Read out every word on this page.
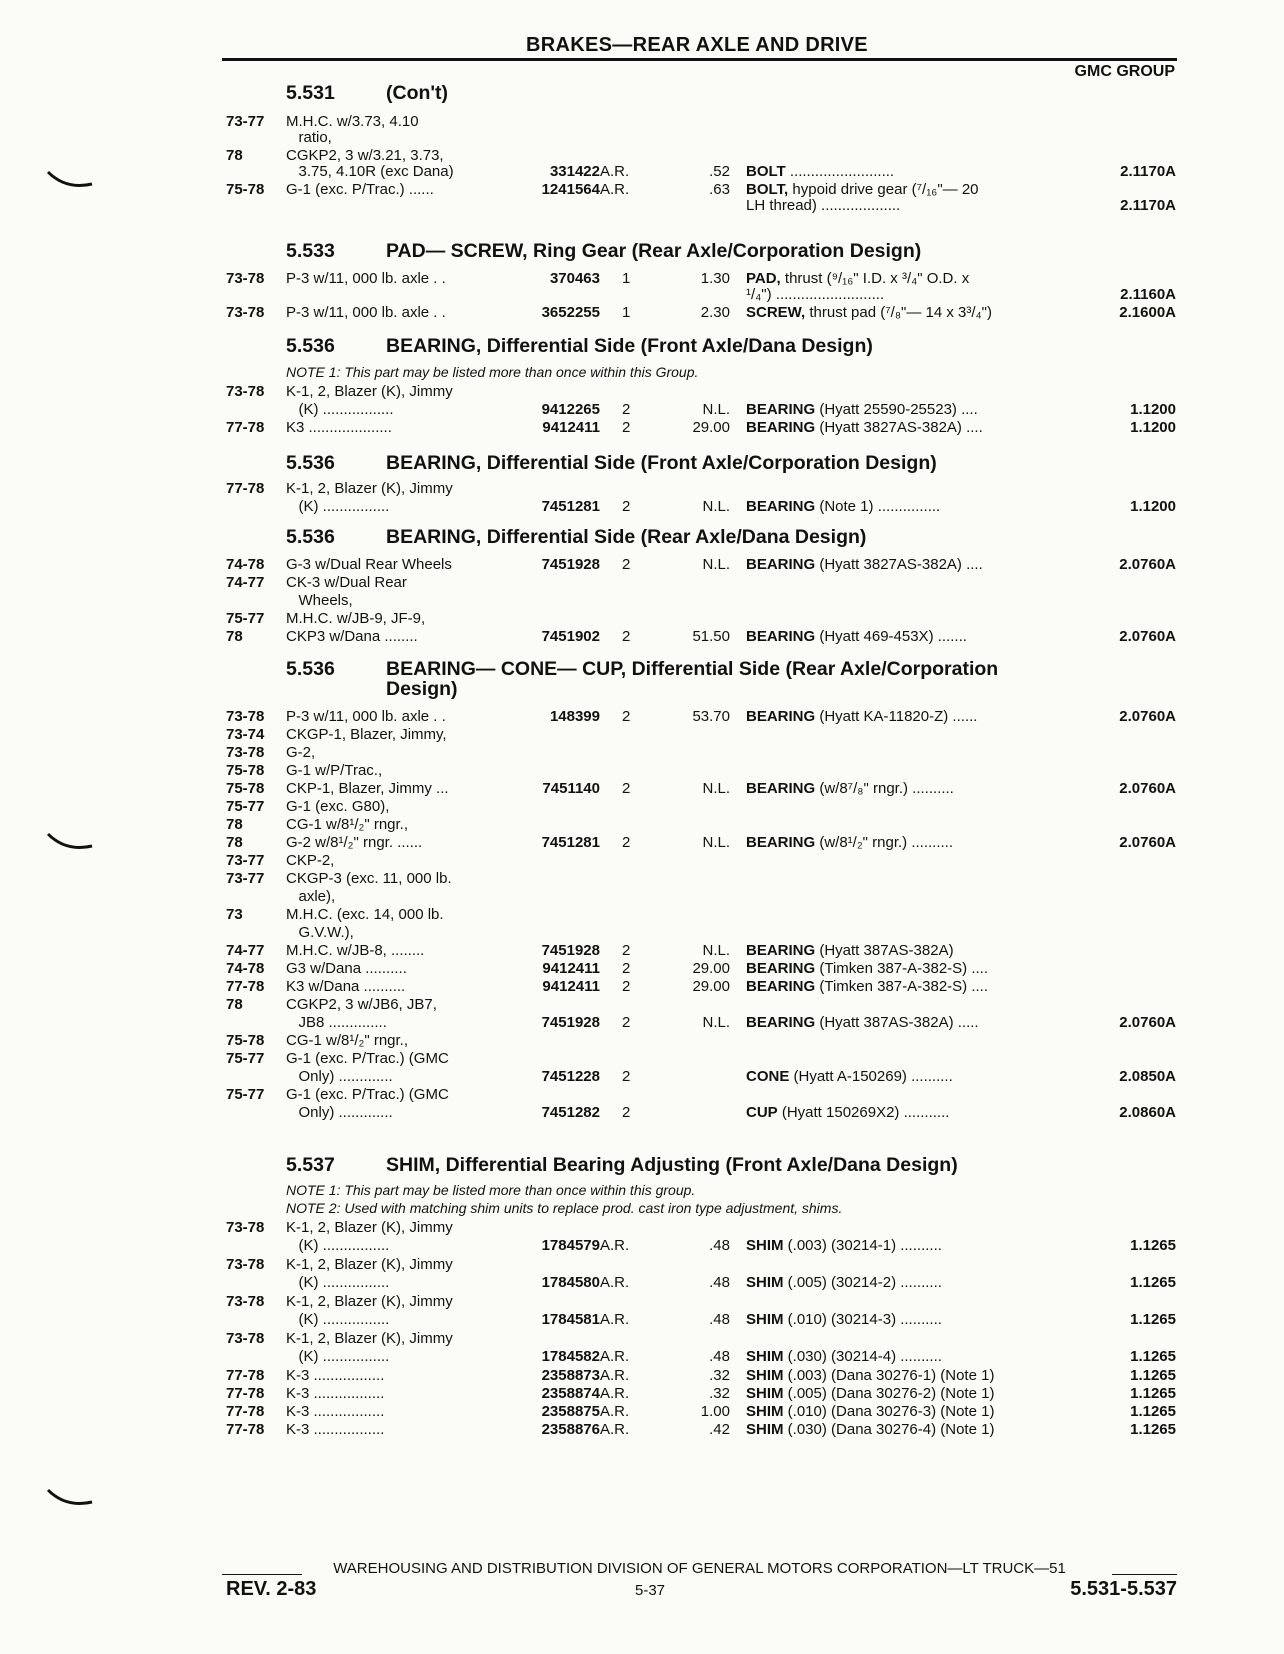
BRAKES—REAR AXLE AND DRIVE
GMC GROUP
5.531	(Con't)
73-77 M.H.C. w/3.73, 4.10
ratio,
78	CGKP2, 3 w/3.21, 3.73,
3.75, 4.10R (exc Dana)	331422 A.R.	.52 BOLT .........................	2.1170A
75-78 G-1 (exc. P/Trac.) ......	1241564 A.R.	.63 BOLT, hypoid drive gear (⁷/₁₆"— 20
LH thread) ...................	2.1170A
5.533	PAD— SCREW, Ring Gear (Rear Axle/Corporation Design)
73-78 P-3 w/11, 000 lb. axle . .	370463 1	1.30 PAD, thrust (⁹/₁₆" I.D. x ³/₄" O.D. x
¹/₄") ..........................	2.1160A
73-78 P-3 w/11, 000 lb. axle . .	3652255 1	2.30 SCREW, thrust pad (⁷/₈"— 14 x 3³/₄")	2.1600A
5.536	BEARING, Differential Side (Front Axle/Dana Design)
NOTE 1: This part may be listed more than once within this Group.
73-78 K-1, 2, Blazer (K), Jimmy
(K) .................	9412265 2	N.L. BEARING (Hyatt 25590-25523) ....	1.1200
77-78 K3 ....................	9412411 2	29.00 BEARING (Hyatt 3827AS-382A) ....	1.1200
5.536	BEARING, Differential Side (Front Axle/Corporation Design)
77-78 K-1, 2, Blazer (K), Jimmy
(K) ................	7451281 2	N.L. BEARING (Note 1) ...............	1.1200
5.536	BEARING, Differential Side (Rear Axle/Dana Design)
74-78 G-3 w/Dual Rear Wheels	7451928 2	N.L. BEARING (Hyatt 3827AS-382A) ....	2.0760A
74-77 CK-3 w/Dual Rear
Wheels,
75-77 M.H.C. w/JB-9, JF-9,
78	CKP3 w/Dana ........	7451902 2	51.50 BEARING (Hyatt 469-453X) .......	2.0760A
5.536	BEARING— CONE— CUP, Differential Side (Rear Axle/Corporation
Design)
73-78 P-3 w/11, 000 lb. axle . .	148399 2	53.70 BEARING (Hyatt KA-11820-Z) ......	2.0760A
73-74 CKGP-1, Blazer, Jimmy,
73-78 G-2,
75-78 G-1 w/P/Trac.,
75-78 CKP-1, Blazer, Jimmy ...	7451140 2	N.L. BEARING (w/8⁷/₈" rngr.) ..........	2.0760A
75-77 G-1 (exc. G80),
78	CG-1 w/8¹/₂" rngr.,
78	G-2 w/8¹/₂" rngr. ......	7451281 2	N.L. BEARING (w/8¹/₂" rngr.) ..........	2.0760A
73-77 CKP-2,
73-77 CKGP-3 (exc. 11, 000 lb.
axle),
73	M.H.C. (exc. 14, 000 lb.
G.V.W.),
74-77 M.H.C. w/JB-8, ........	7451928 2	N.L. BEARING (Hyatt 387AS-382A)
74-78 G3 w/Dana ..........	9412411 2	29.00 BEARING (Timken 387-A-382-S) ....
77-78 K3 w/Dana ..........	9412411 2	29.00 BEARING (Timken 387-A-382-S) ....
78	CGKP2, 3 w/JB6, JB7,
JB8 ..............	7451928 2	N.L. BEARING (Hyatt 387AS-382A) .....	2.0760A
75-78 CG-1 w/8¹/₂" rngr.,
75-77 G-1 (exc. P/Trac.) (GMC
Only) .............	7451228 2	CONE (Hyatt A-150269) ..........	2.0850A
75-77 G-1 (exc. P/Trac.) (GMC
Only) .............	7451282 2	CUP (Hyatt 150269X2) ...........	2.0860A
5.537	SHIM, Differential Bearing Adjusting (Front Axle/Dana Design)
NOTE 1: This part may be listed more than once within this group.
NOTE 2: Used with matching shim units to replace prod. cast iron type adjustment, shims.
73-78 K-1, 2, Blazer (K), Jimmy
(K) ................	1784579 A.R.	.48 SHIM (.003) (30214-1) ..........	1.1265
73-78 K-1, 2, Blazer (K), Jimmy
(K) ................	1784580 A.R.	.48 SHIM (.005) (30214-2) ..........	1.1265
73-78 K-1, 2, Blazer (K), Jimmy
(K) ................	1784581 A.R.	.48 SHIM (.010) (30214-3) ..........	1.1265
73-78 K-1, 2, Blazer (K), Jimmy
(K) ................	1784582 A.R.	.48 SHIM (.030) (30214-4) ..........	1.1265
77-78 K-3 .................	2358873 A.R.	.32 SHIM (.003) (Dana 30276-1) (Note 1)	1.1265
77-78 K-3 .................	2358874 A.R.	.32 SHIM (.005) (Dana 30276-2) (Note 1)	1.1265
77-78 K-3 .................	2358875 A.R.	1.00 SHIM (.010) (Dana 30276-3) (Note 1)	1.1265
77-78 K-3 .................	2358876 A.R.	.42 SHIM (.030) (Dana 30276-4) (Note 1)	1.1265
WAREHOUSING AND DISTRIBUTION DIVISION OF GENERAL MOTORS CORPORATION—LT TRUCK—51
REV. 2-83	5-37	5.531-5.537
